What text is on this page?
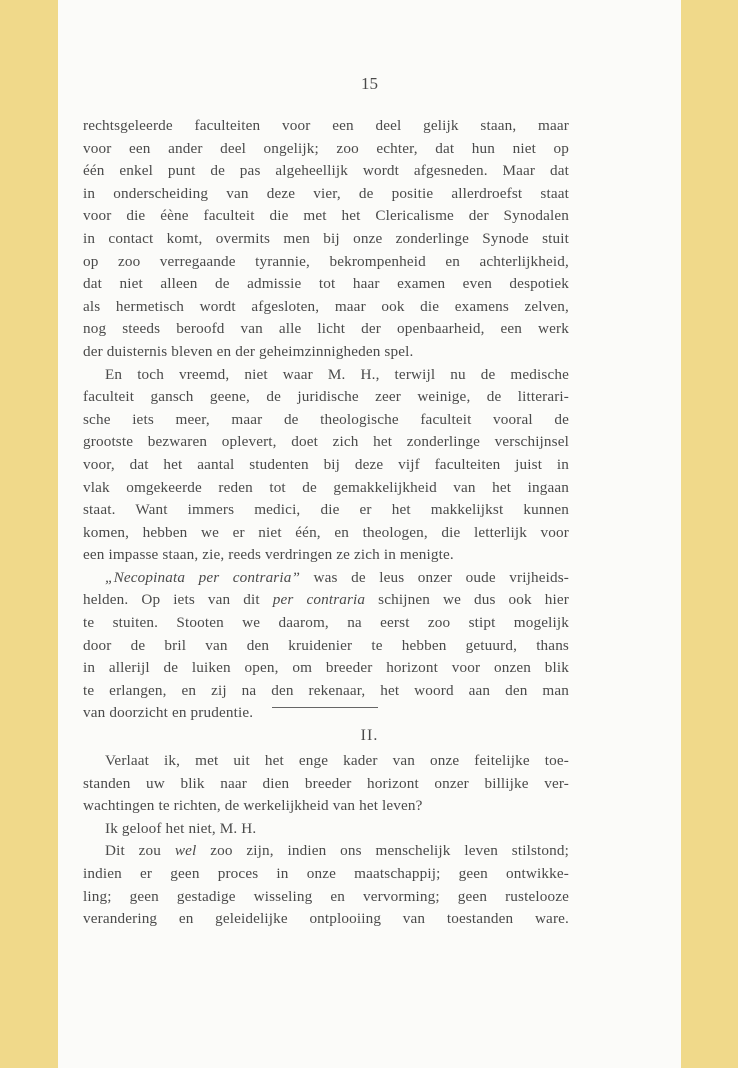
15
rechtsgeleerde faculteiten voor een deel gelijk staan, maar
voor een ander deel ongelijk; zoo echter, dat hun niet op
één enkel punt de pas algeheellijk wordt afgesneden. Maar dat
in onderscheiding van deze vier, de positie allerdroefst staat
voor die éène faculteit die met het Clericalisme der Synodalen
in contact komt, overmits men bij onze zonderlinge Synode stuit
op zoo verregaande tyrannie, bekrompenheid en achterlijkheid,
dat niet alleen de admissie tot haar examen even despotiek
als hermetisch wordt afgesloten, maar ook die examens zelven,
nog steeds beroofd van alle licht der openbaarheid, een werk
der duisternis bleven en der geheimzinnigheden spel.
En toch vreemd, niet waar M. H., terwijl nu de medische
faculteit gansch geene, de juridische zeer weinige, de litterari-
sche iets meer, maar de theologische faculteit vooral de
grootste bezwaren oplevert, doet zich het zonderlinge verschijnsel
voor, dat het aantal studenten bij deze vijf faculteiten juist in
vlak omgekeerde reden tot de gemakkelijkheid van het ingaan
staat. Want immers medici, die er het makkelijkst kunnen
komen, hebben we er niet één, en theologen, die letterlijk voor
een impasse staan, zie, reeds verdringen ze zich in menigte.
„Necopinata per contraria” was de leus onzer oude vrijheids-
helden. Op iets van dit per contraria schijnen we dus ook hier
te stuiten. Stooten we daarom, na eerst zoo stipt mogelijk
door de bril van den kruidenier te hebben getuurd, thans
in allerijl de luiken open, om breeder horizont voor onzen blik
te erlangen, en zij na den rekenaar, het woord aan den man
van doorzicht en prudentie.
II.
Verlaat ik, met uit het enge kader van onze feitelijke toe-
standen uw blik naar dien breeder horizont onzer billijke ver-
wachtingen te richten, de werkelijkheid van het leven?
Ik geloof het niet, M. H.
Dit zou wel zoo zijn, indien ons menschelijk leven stilstond;
indien er geen proces in onze maatschappij; geen ontwikke-
ling; geen gestadige wisseling en vervorming; geen rustelooze
verandering en geleidelijke ontplooiing van toestanden ware.
